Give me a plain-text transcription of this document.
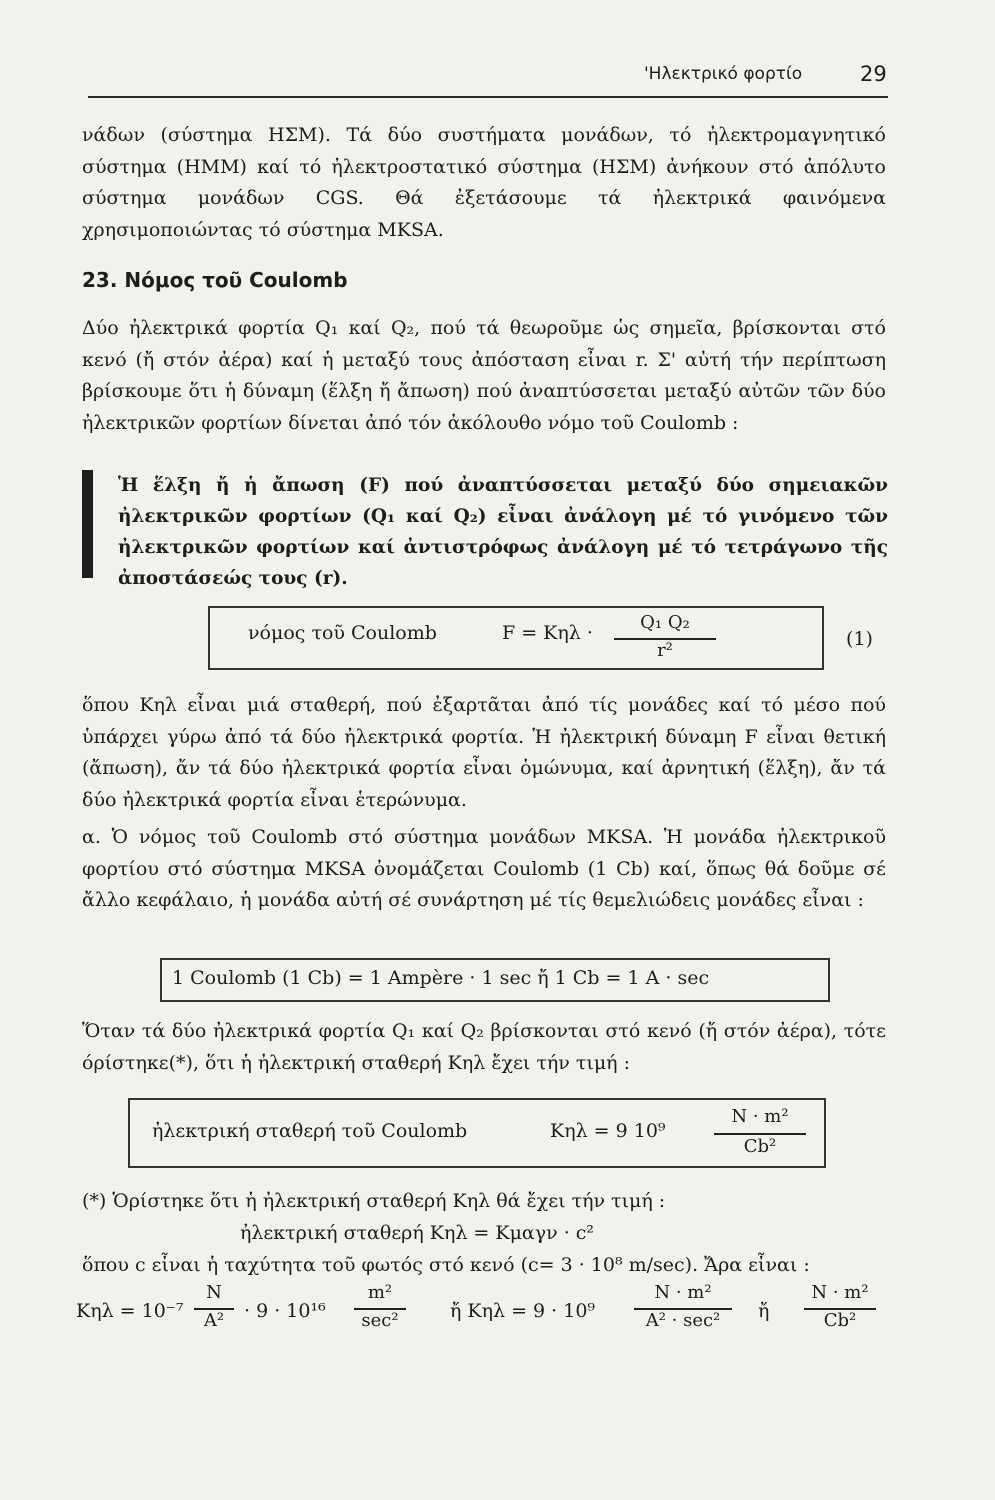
'Ηλεκτρικό φορτίο	29
νάδων (σύστημα ΗΣΜ). Τά δύο συστήματα μονάδων, τό ἠλεκτρομαγνητικό σύστημα (ΗΜΜ) καί τό ἠλεκτροστατικό σύστημα (ΗΣΜ) ἀνήκουν στό ἀπόλυτο σύστημα μονάδων CGS. Θά ἐξετάσουμε τά ἠλεκτρικά φαινόμενα χρησιμοποιώντας τό σύστημα MKSA.
23. Νόμος τοῦ Coulomb
Δύο ἠλεκτρικά φορτία Q₁ καί Q₂, πού τά θεωροῦμε ὡς σημεῖα, βρίσκονται στό κενό (ἤ στόν ἀέρα) καί ἡ μεταξύ τους ἀπόσταση εἶναι r. Σ' αὐτή τήν περίπτωση βρίσκουμε ὅτι ἡ δύναμη (ἕλξη ἤ ἄπωση) πού ἀναπτύσσεται μεταξύ αὐτῶν τῶν δύο ἠλεκτρικῶν φορτίων δίνεται ἀπό τόν ἀκόλουθο νόμο τοῦ Coulomb :
Ἡ ἕλξη ἤ ἡ ἄπωση (F) πού ἀναπτύσσεται μεταξύ δύο σημειακῶν ἠλεκτρικῶν φορτίων (Q₁ καί Q₂) εἶναι ἀνάλογη μέ τό γινόμενο τῶν ἠλεκτρικῶν φορτίων καί ἀντιστρόφως ἀνάλογη μέ τό τετράγωνο τῆς ἀποστάσεώς τους (r).
νόμος τοῦ Coulomb	F = Kηλ ·	Q₁ Q₂
r²
(1)
ὅπου Kηλ εἶναι μιά σταθερή, πού ἐξαρτᾶται ἀπό τίς μονάδες καί τό μέσο πού ὑπάρχει γύρω ἀπό τά δύο ἠλεκτρικά φορτία. Ἡ ἠλεκτρική δύναμη F εἶναι θετική (ἄπωση), ἄν τά δύο ἠλεκτρικά φορτία εἶναι ὁμώνυμα, καί ἀρνητική (ἕλξη), ἄν τά δύο ἠλεκτρικά φορτία εἶναι ἑτερώνυμα.
α. Ὁ νόμος τοῦ Coulomb στό σύστημα μονάδων MKSA. Ἡ μονάδα ἠλεκτρικοῦ φορτίου στό σύστημα MKSA ὀνομάζεται Coulomb (1 Cb) καί, ὅπως θά δοῦμε σέ ἄλλο κεφάλαιο, ἡ μονάδα αὐτή σέ συνάρτηση μέ τίς θεμελιώδεις μονάδες εἶναι :
1 Coulomb (1 Cb) = 1 Ampère · 1 sec ἤ 1 Cb = 1 A · sec
Ὅταν τά δύο ἠλεκτρικά φορτία Q₁ καί Q₂ βρίσκονται στό κενό (ἤ στόν ἀέρα), τότε όρίστηκε(*), ὅτι ἡ ἠλεκτρική σταθερή Kηλ ἔχει τήν τιμή :
ἠλεκτρική σταθερή τοῦ Coulomb	Kηλ = 9 10⁹
N · m²
Cb²
(*) Ὁρίστηκε ὅτι ἡ ἠλεκτρική σταθερή Kηλ θά ἔχει τήν τιμή :
ἠλεκτρική σταθερή Kηλ = Kμαγν · c²
ὅπου c εἶναι ἡ ταχύτητα τοῦ φωτός στό κενό (c= 3 · 10⁸ m/sec). Ἄρα εἶναι :
Kηλ = 10⁻⁷
N
A²	· 9 · 10¹⁶
m²
sec²	ἤ Kηλ = 9 · 10⁹
N · m²
A² · sec²	ἤ
N · m²
Cb²
